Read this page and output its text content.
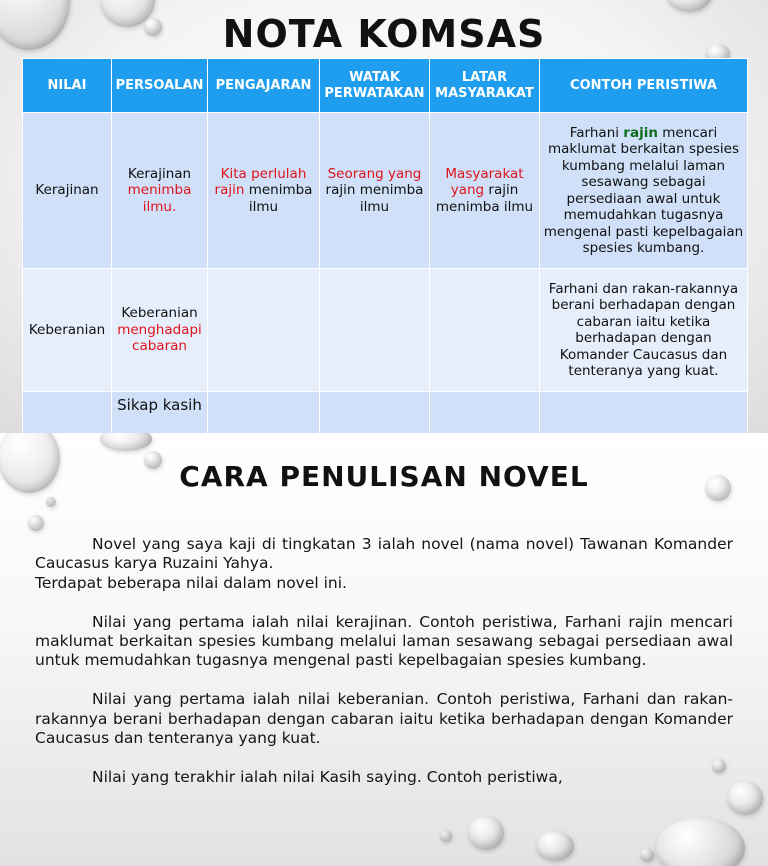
NOTA KOMSAS
NILAI	PERSOALAN	PENGAJARAN	WATAK PERWATAKAN	LATAR MASYARAKAT	CONTOH PERISTIWA
Kerajinan	Kerajinan menimba ilmu.	Kita perlulah rajin menimba ilmu	Seorang yang rajin menimba ilmu	Masyarakat yang rajin menimba ilmu	Farhani rajin mencari maklumat berkaitan spesies kumbang melalui laman sesawang sebagai persediaan awal untuk memudahkan tugasnya mengenal pasti kepelbagaian spesies kumbang.
Keberanian	Keberanian menghadapi cabaran				Farhani dan rakan-rakannya berani berhadapan dengan cabaran iaitu ketika berhadapan dengan Komander Caucasus dan tenteranya yang kuat.
	Sikap kasih				
CARA PENULISAN NOVEL

Novel yang saya kaji di tingkatan 3 ialah novel (nama novel) Tawanan Komander Caucasus karya Ruzaini Yahya.
Terdapat beberapa nilai dalam novel ini.

Nilai yang pertama ialah nilai kerajinan. Contoh peristiwa, Farhani rajin mencari maklumat berkaitan spesies kumbang melalui laman sesawang sebagai persediaan awal untuk memudahkan tugasnya mengenal pasti kepelbagaian spesies kumbang.

Nilai yang pertama ialah nilai keberanian. Contoh peristiwa, Farhani dan rakan-rakannya berani berhadapan dengan cabaran iaitu ketika berhadapan dengan Komander Caucasus dan tenteranya yang kuat.

Nilai yang terakhir ialah nilai Kasih saying. Contoh peristiwa,
